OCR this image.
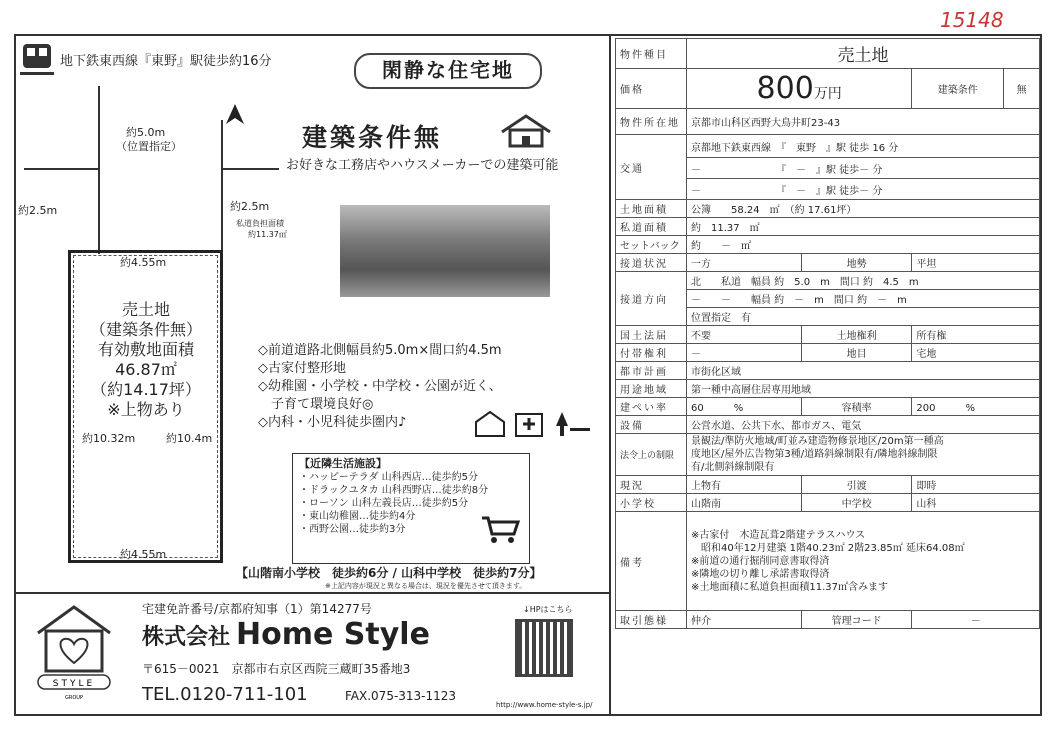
15148
地下鉄東西線『東野』駅徒歩約16分	閑静な住宅地
建築条件無
お好きな工務店やハウスメーカーでの建築可能
約5.0m
（位置指定）
約2.5m	約2.5m
私道負担面積
約11.37㎡
約4.55m
売土地
（建築条件無）
有効敷地面積
46.87㎡
（約14.17坪）
※上物あり
約10.32m	約10.4m
約4.55m
◇前道道路北側幅員約5.0m×間口約4.5m
◇古家付整形地
◇幼稚園・小学校・中学校・公園が近く、
　子育て環境良好◎
◇内科・小児科徒歩圏内♪
【近隣生活施設】
・ハッピーテラダ 山科西店…徒歩約5分
・ドラックユタカ 山科西野店…徒歩約8分
・ローソン 山科左義長店…徒歩約5分
・東山幼稚園…徒歩約4分
・西野公園…徒歩約3分
【山階南小学校　徒歩約6分 / 山科中学校　徒歩約7分】
※上記内容が現況と異なる場合は、現況を優先させて頂きます。
STYLE
GROUP
宅建免許番号/京都府知事（1）第14277号
株式会社 Home Style
〒615－0021　京都市右京区西院三蔵町35番地3
TEL.0120-711-101	FAX.075-313-1123
↓HPはこちら
http://www.home-style-s.jp/
物件種目	売土地			
価格	800万円		建築条件	無
物件所在地	京都市山科区西野大鳥井町23-43			
交通	京都地下鉄東西線　『　東野　』駅 徒歩 16 分			
	－　　　　　　　　『　－　』駅 徒歩－ 分			
	－　　　　　　　　『　－　』駅 徒歩－ 分			
土地面積	公簿　　58.24　㎡　（約 17.61坪）			
私道面積	約　11.37　㎡			
セットバック	約　　－　㎡			
接道状況	一方	地勢	平坦	
接道方向	北　　私道　幅員 約　5.0　m　間口 約　4.5　m			
	－　　－　　幅員 約　－　m　間口 約　－　m			
	位置指定　有			
国土法届	不要	土地権利	所有権	
付帯権利	－	地目	宅地	
都市計画	市街化区域			
用途地域	第一種中高層住居専用地域			
建ぺい率	60　　　%	容積率	200　　　%	
設備	公営水道、公共下水、都市ガス、電気			
法令上の制限	景観法/準防火地域/町並み建造物修景地区/20m第一種高
度地区/屋外広告物第3種/道路斜線制限有/隣地斜線制限
有/北側斜線制限有			

現況	上物有	引渡	即時	
小学校	山階南	中学校	山科	
備考	※古家付　木造瓦葺2階建テラスハウス
　昭和40年12月建築 1階40.23㎡ 2階23.85㎡ 延床64.08㎡
※前道の通行掘削同意書取得済
※隣地の切り離し承諾書取得済
※土地面積に私道負担面積11.37㎡含みます			

取引態様	仲介	管理コード	－	
